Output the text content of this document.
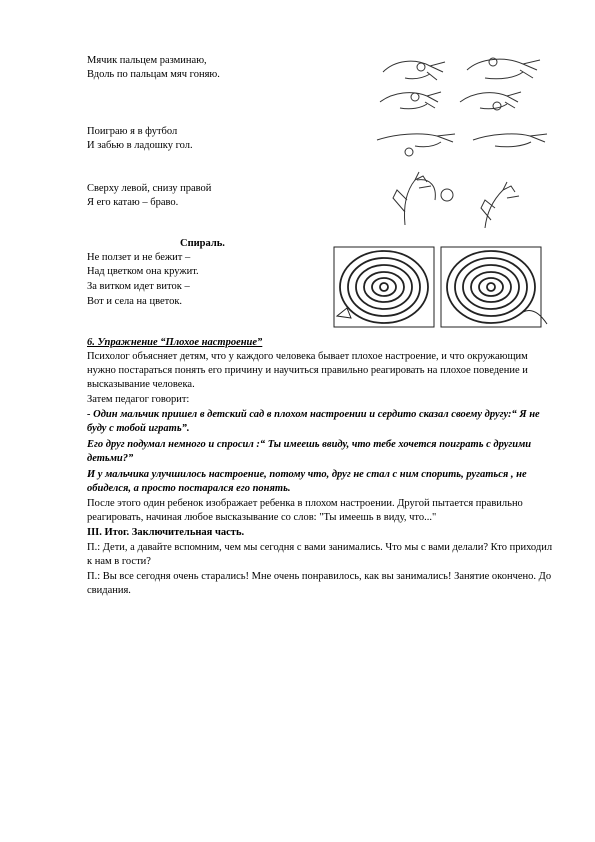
Мячик пальцем разминаю,
Вдоль по пальцам мяч гоняю.
Поиграю я в футбол
И забью в ладошку гол.
Сверху левой, снизу правой
Я его катаю – браво.
Спираль.
Не ползет и не бежит –
Над цветком она кружит.
За витком идет виток –
Вот и села на цветок.
6. Упражнение “Плохое настроение”
Психолог объясняет детям, что у каждого человека бывает плохое настроение, и что окружающим нужно постараться понять его причину и научиться правильно реагировать на плохое поведение и высказывание человека.
Затем педагог говорит:
- Один мальчик пришел в детский сад в плохом настроении и сердито сказал своему другу:“ Я не буду с тобой играть”.
Его друг подумал немного и спросил :“ Ты имеешь ввиду, что тебе хочется поиграть с другими детьми?”
И у мальчика улучшилось настроение, потому что, друг не стал с ним спорить, ругаться , не обиделся, а просто постарался его понять.
После этого один ребенок изображает ребенка в плохом настроении. Другой пытается правильно реагировать, начиная любое высказывание со слов: "Ты имеешь в виду, что..."
III. Итог. Заключительная часть.
П.: Дети, а давайте вспомним, чем мы сегодня с вами занимались. Что мы с вами делали? Кто приходил к нам в гости?
П.: Вы все сегодня очень старались! Мне очень понравилось, как вы занимались! Занятие окончено. До свидания.
